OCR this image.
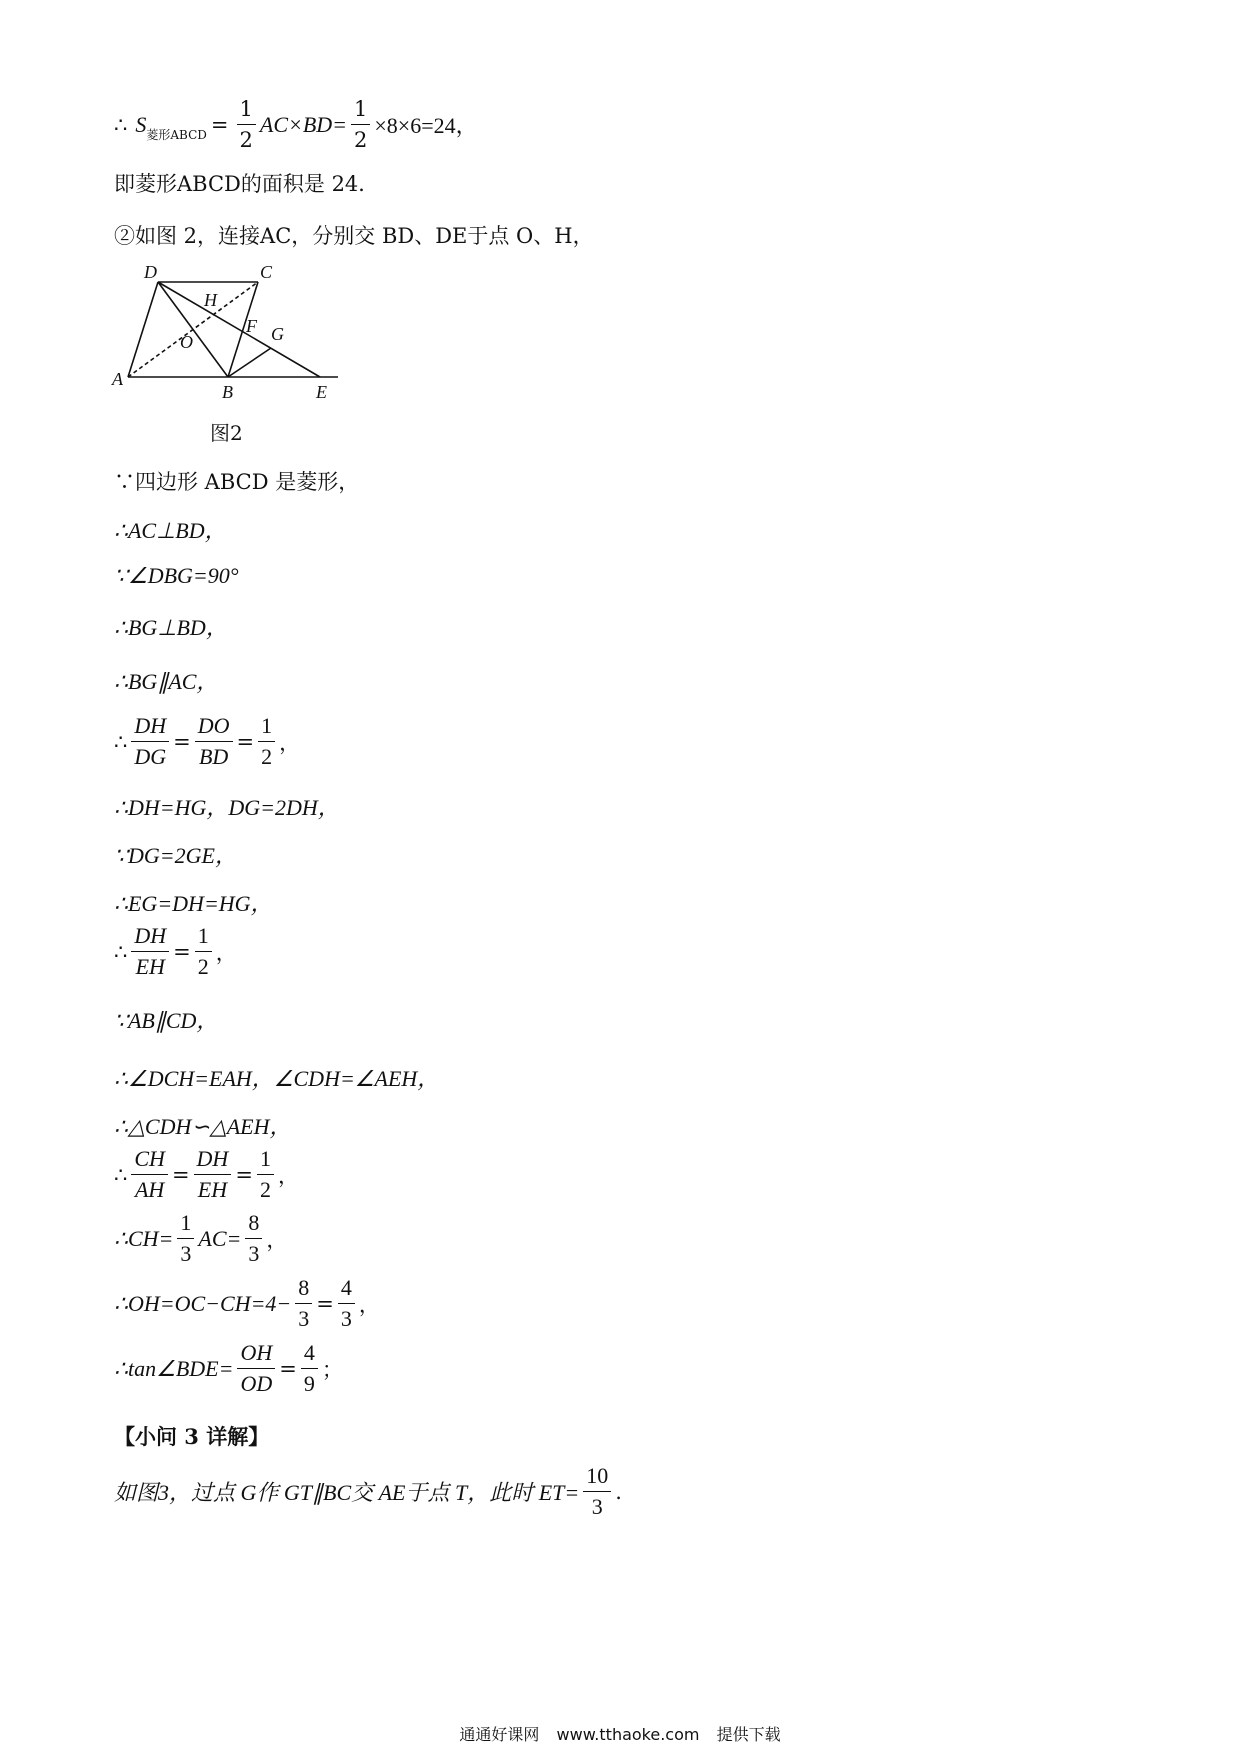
∴ S 菱形ABCD = $\frac{1}{2} AC\times BD= \frac{1}{2} \times 8\times 6=24$，
即菱形ABCD的面积是 24．
②如图 2，连接AC，分别交 BD、DE于点 O、H，
D	C
H
F G
O
A
B	E
图2
∵四边形 ABCD 是菱形，
∴AC⊥BD，
∵∠DBG=90°
∴BG⊥BD，
∴BG∥AC，
∴ $\frac{DH}{DG} = \frac{DO}{BD} = \frac{1}{2}$ ，
∴DH=HG，DG=2DH，
∵DG=2GE，
∴EG=DH=HG，
∴ $\frac{DH}{EH} = \frac{1}{2}$ ，
∵AB∥CD，
∴∠DCH=EAH，∠CDH=∠AEH，
∴△CDH∽△AEH，
∴ $\frac{CH}{AH} = \frac{DH}{EH} = \frac{1}{2}$ ，
∴CH= $\frac{1}{3} AC= \frac{8}{3}$ ，
∴OH=OC−CH=4− $\frac{8}{3} = \frac{4}{3}$ ，
∴tan∠BDE= $\frac{OH}{OD} = \frac{4}{9}$ ；
【小问 3 详解】
如图3，过点 G作 GT∥BC交 AE于点 T，此时 $ET= \frac{10}{3}$ .
通通好课网 www.tthaoke.com 提供下载
